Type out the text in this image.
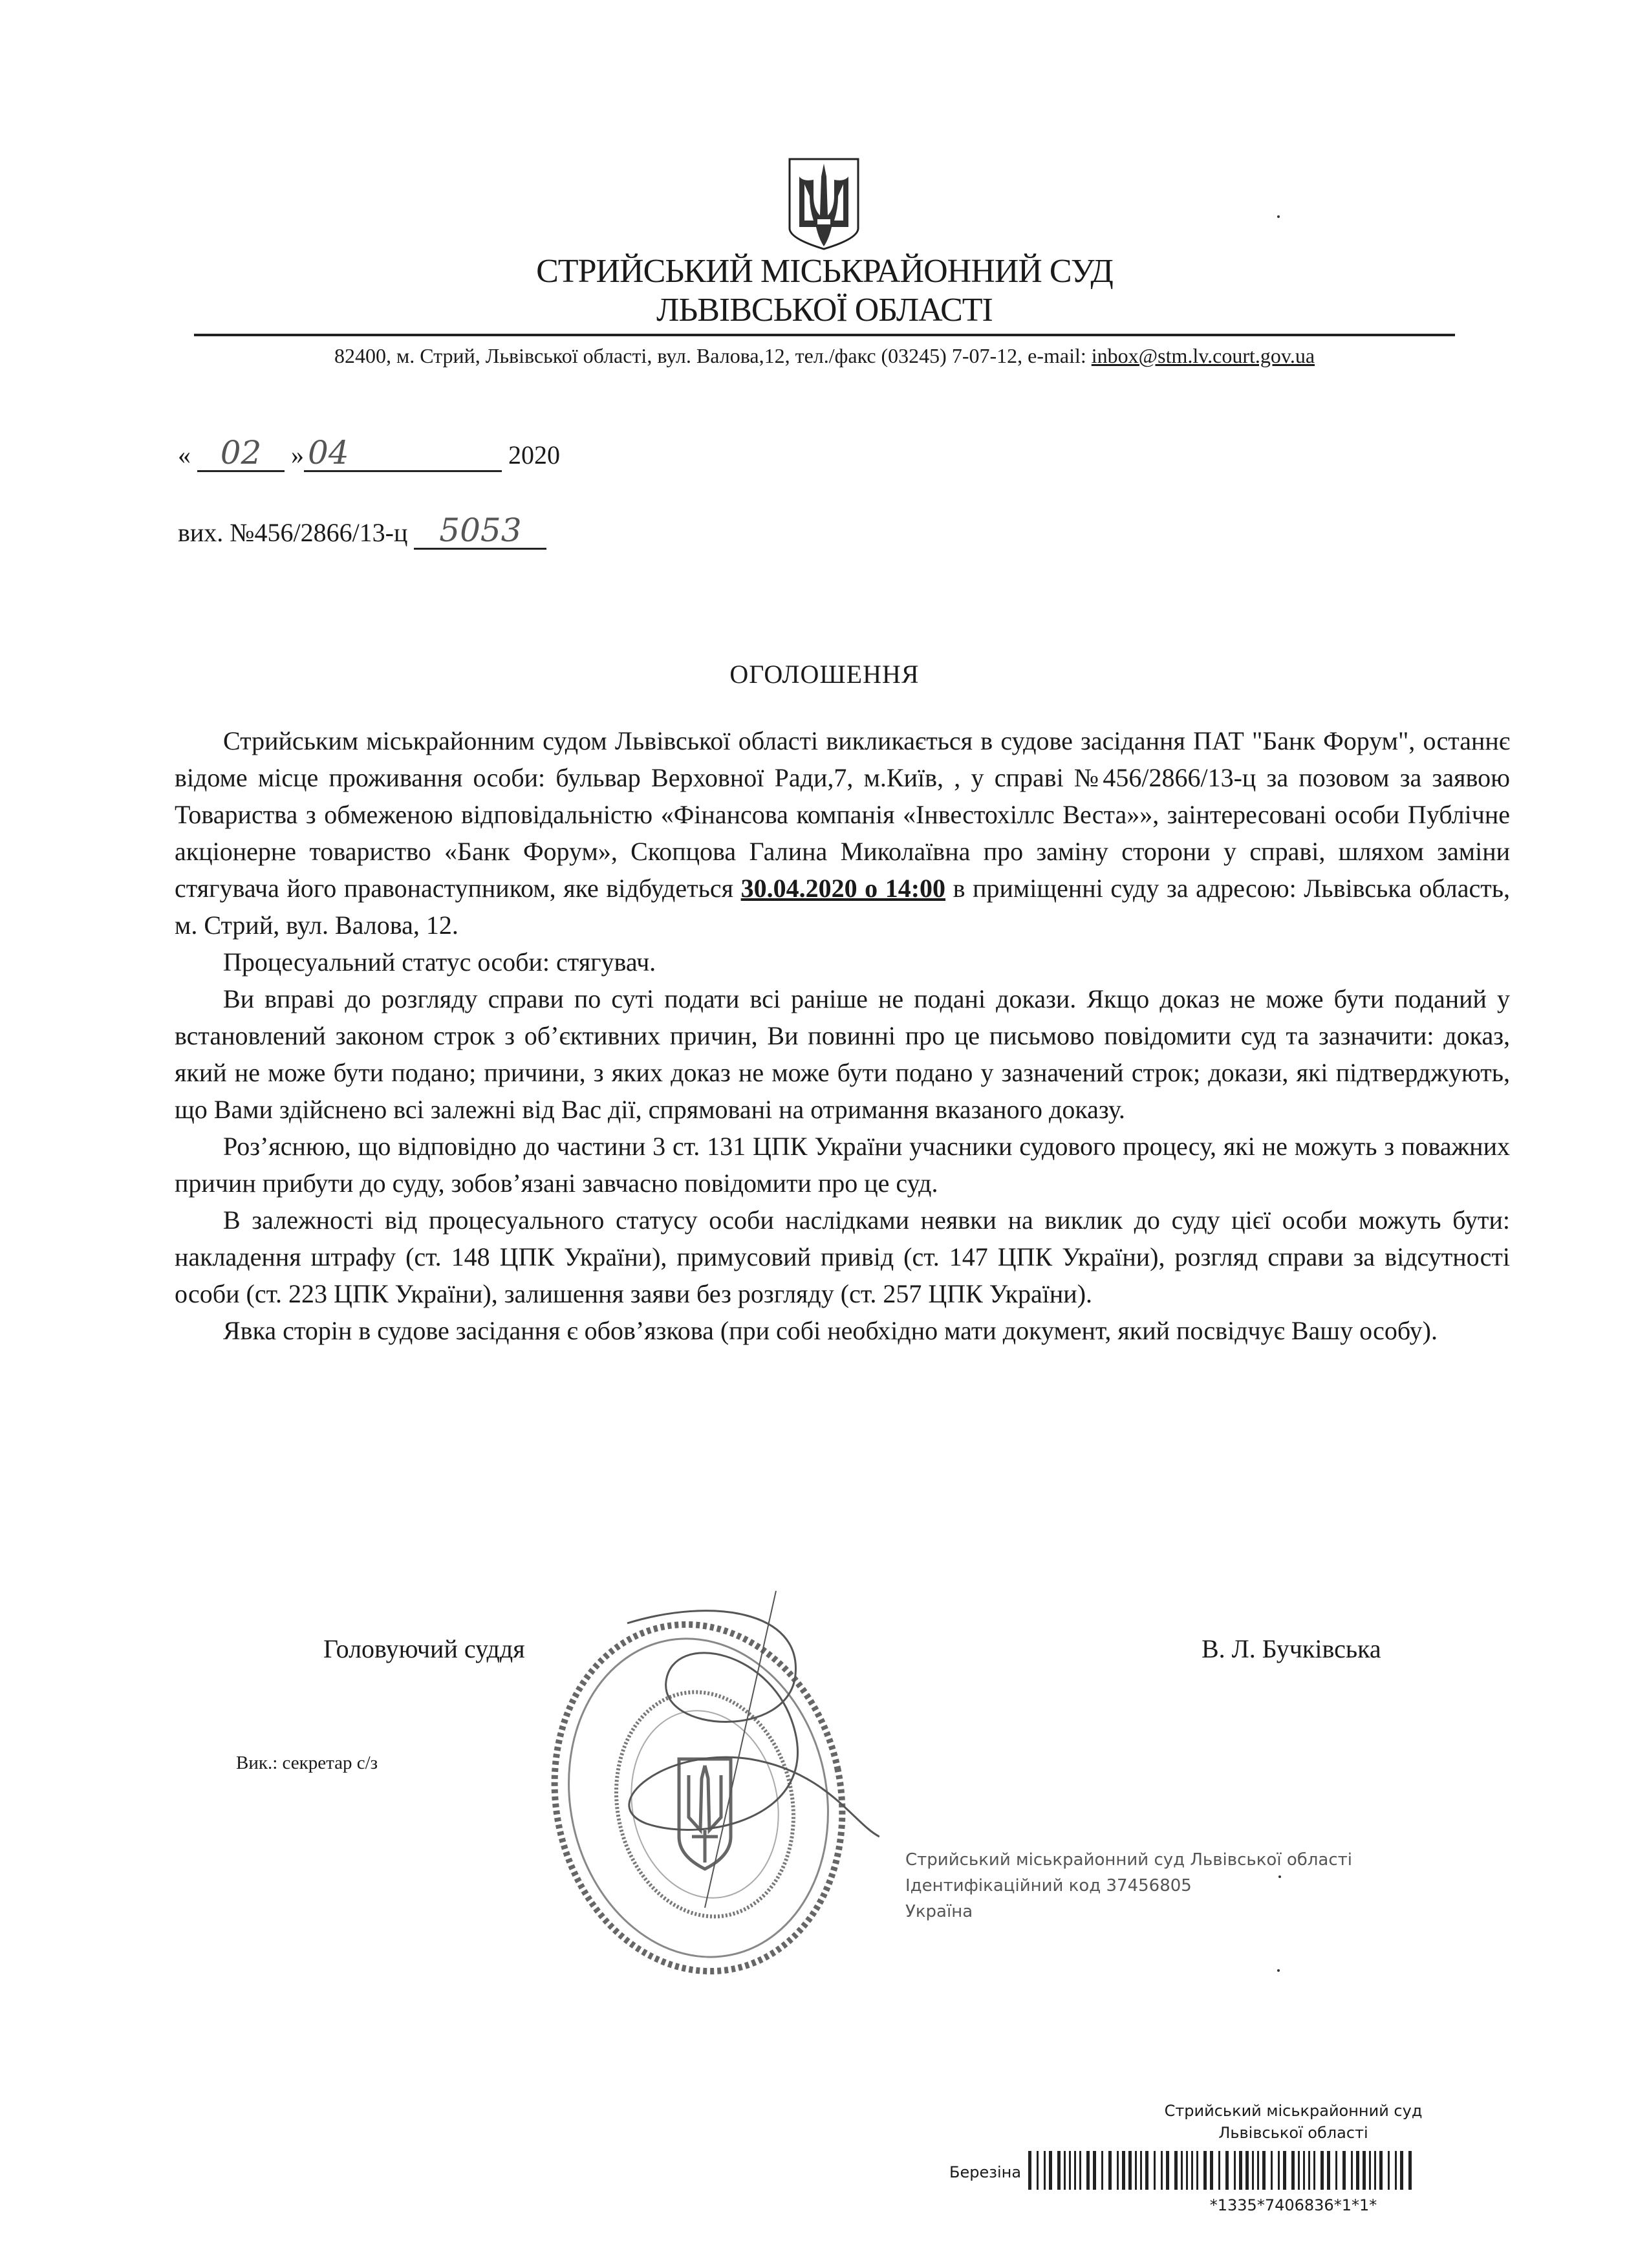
СТРИЙСЬКИЙ МІСЬКРАЙОННИЙ СУД
ЛЬВІВСЬКОЇ ОБЛАСТІ
82400, м. Стрий, Львівської області, вул. Валова,12, тел./факс (03245) 7-07-12, e-mail: inbox@stm.lv.court.gov.ua
« 02 » 04	2020
вих. №456/2866/13-ц 5053
ОГОЛОШЕННЯ

Стрийським міськрайонним судом Львівської області викликається в судове засідання ПАТ "Банк Форум", останнє відоме місце проживання особи: бульвар Верховної Ради,7, м.Київ, , у справі №456/2866/13-ц за позовом за заявою Товариства з обмеженою відповідальністю «Фінансова компанія «Інвестохіллс Веста»», заінтересовані особи Публічне акціонерне товариство «Банк Форум», Скопцова Галина Миколаївна про заміну сторони у справі, шляхом заміни стягувача його правонаступником, яке відбудеться 30.04.2020 о 14:00 в приміщенні суду за адресою: Львівська область, м. Стрий, вул. Валова, 12.

Процесуальний статус особи: стягувач.

Ви вправі до розгляду справи по суті подати всі раніше не подані докази. Якщо доказ не може бути поданий у встановлений законом строк з об’єктивних причин, Ви повинні про це письмово повідомити суд та зазначити: доказ, який не може бути подано; причини, з яких доказ не може бути подано у зазначений строк; докази, які підтверджують, що Вами здійснено всі залежні від Вас дії, спрямовані на отримання вказаного доказу.

Роз’яснюю, що відповідно до частини 3 ст. 131 ЦПК України учасники судового процесу, які не можуть з поважних причин прибути до суду, зобов’язані завчасно повідомити про це суд.

В залежності від процесуального статусу особи наслідками неявки на виклик до суду цієї особи можуть бути: накладення штрафу (ст. 148 ЦПК України), примусовий привід (ст. 147 ЦПК України), розгляд справи за відсутності особи (ст. 223 ЦПК України), залишення заяви без розгляду (ст. 257 ЦПК України).

Явка сторін в судове засідання є обов’язкова (при собі необхідно мати документ, який посвідчує Вашу особу).

Стрийський міськрайонний суд Львівської області
Ідентифікаційний код 37456805
Україна
Головуючий суддя	В. Л. Бучківська
Вик.: секретар с/з
Стрийський міськрайонний суд
Львівської області
Березіна
*1335*7406836*1*1*
